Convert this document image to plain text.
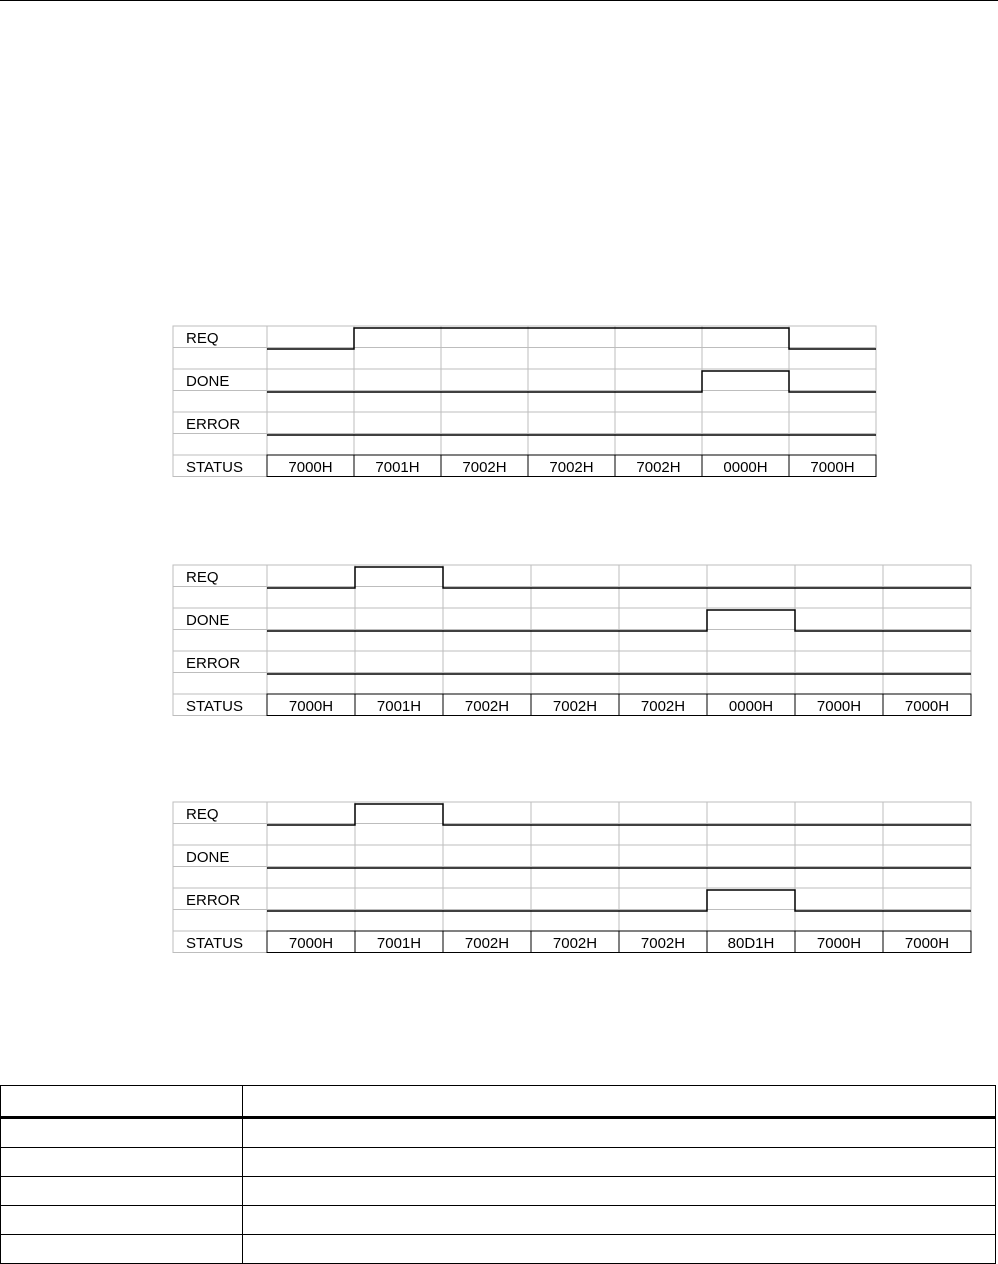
REQ
DONE
ERROR
STATUS	7000H	7001H	7002H	7002H	7002H	0000H	7000H
REQ
DONE
ERROR
STATUS	7000H	7001H	7002H	7002H	7002H	0000H	7000H	7000H
REQ
DONE
ERROR
STATUS	7000H	7001H	7002H	7002H	7002H	80D1H	7000H	7000H
